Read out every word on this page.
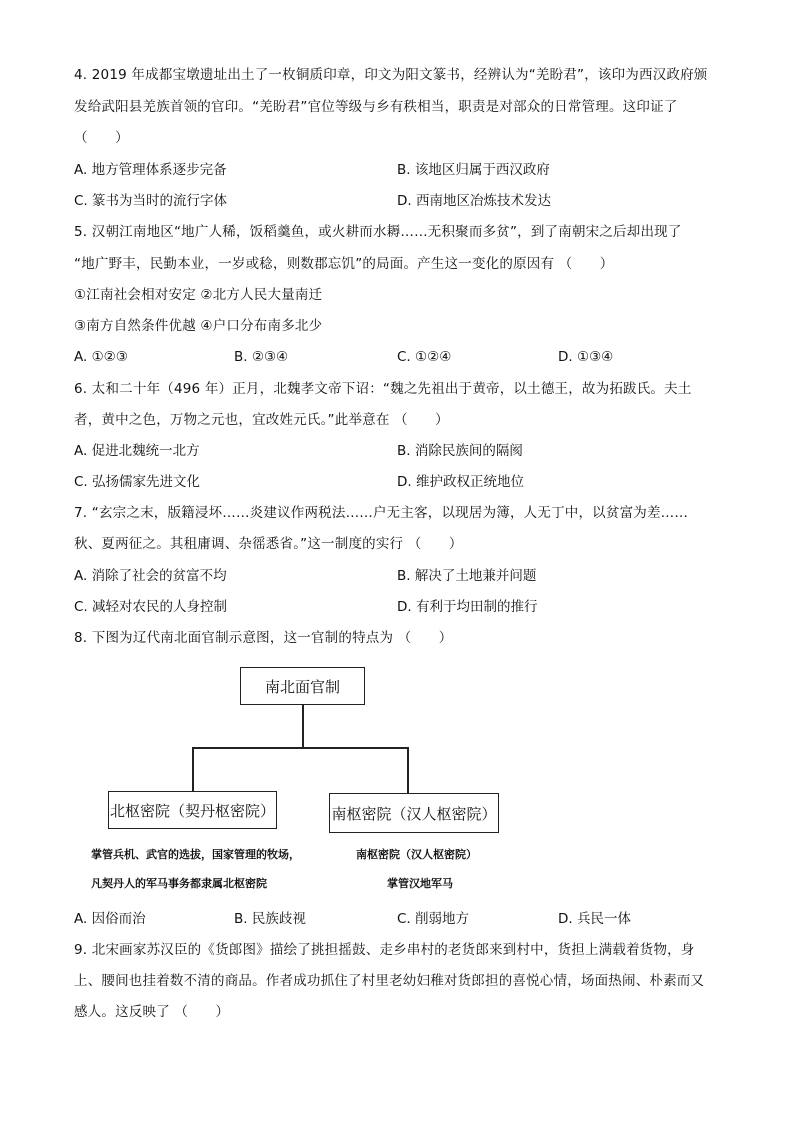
4. 2019 年成都宝墩遗址出土了一枚铜质印章，印文为阳文篆书，经辨认为“羌盼君”，该印为西汉政府颁
发给武阳县羌族首领的官印。“羌盼君”官位等级与乡有秩相当，职责是对部众的日常管理。这印证了
（　　）
A. 地方管理体系逐步完备	B. 该地区归属于西汉政府
C. 篆书为当时的流行字体	D. 西南地区冶炼技术发达
5. 汉朝江南地区“地广人稀，饭稻羹鱼，或火耕而水耨……无积聚而多贫”，到了南朝宋之后却出现了
“地广野丰，民勤本业，一岁或稔，则数郡忘饥”的局面。产生这一变化的原因有 （　　）
①江南社会相对安定 ②北方人民大量南迁
③南方自然条件优越 ④户口分布南多北少
A. ①②③	B. ②③④	C. ①②④	D. ①③④
6. 太和二十年（496 年）正月，北魏孝文帝下诏：“魏之先祖出于黄帝，以土德王，故为拓跋氏。夫土
者，黄中之色，万物之元也，宜改姓元氏。”此举意在 （　　）
A. 促进北魏统一北方	B. 消除民族间的隔阂
C. 弘扬儒家先进文化	D. 维护政权正统地位
7. “玄宗之末，版籍浸坏……炎建议作两税法……户无主客，以现居为簿，人无丁中，以贫富为差……
秋、夏两征之。其租庸调、杂徭悉省。”这一制度的实行 （　　）
A. 消除了社会的贫富不均	B. 解决了土地兼并问题
C. 减轻对农民的人身控制	D. 有利于均田制的推行
8. 下图为辽代南北面官制示意图，这一官制的特点为 （　　）
南北面官制
北枢密院（契丹枢密院）	南枢密院（汉人枢密院）
掌管兵机、武官的选拔，国家管理的牧场，
凡契丹人的军马事务都隶属北枢密院
南枢密院（汉人枢密院）
掌管汉地军马
A. 因俗而治	B. 民族歧视	C. 削弱地方	D. 兵民一体
9. 北宋画家苏汉臣的《货郎图》描绘了挑担摇鼓、走乡串村的老货郎来到村中，货担上满载着货物，身
上、腰间也挂着数不清的商品。作者成功抓住了村里老幼妇稚对货郎担的喜悦心情，场面热闹、朴素而又
感人。这反映了 （　　）
